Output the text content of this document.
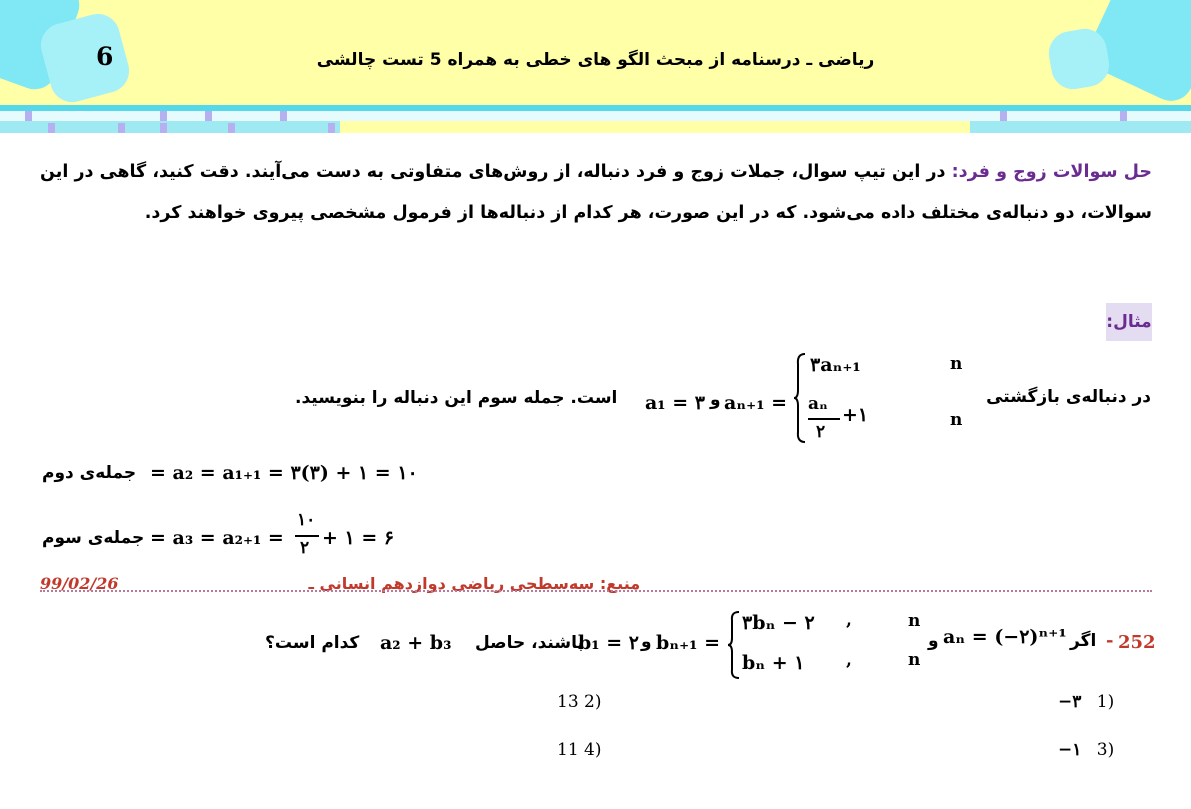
6	ریاضی ـ درسنامه از مبحث الگو های خطی به همراه 5 تست چالشی
حل سوالات زوج و فرد: در این تیپ سوال، جملات زوج و فرد دنباله، از روش‌های متفاوتی به دست می‌آیند. دقت کنید، گاهی در این سوالات، دو دنباله‌ی مختلف داده می‌شود. که در این صورت، هر کدام از دنباله‌ها از فرمول مشخصی پیروی خواهند کرد.
مثال:
در دنباله‌ی بازگشتی
n
n
۳aₙ₊₁
aₙ
۲
+۱
aₙ₊₁ =
و
a₁ = ۳
است. جمله سوم این دنباله را بنویسید.
جمله‌ی دوم = a₂ = a₁₊₁ = ۳(۳) + ۱ = ۱۰
جمله‌ی سوم = a₃ = a₂₊₁ =
۱۰
۲ + ۱ = ۶
99/02/26	منبع: سه‌سطحی ریاضی دوازدهم انسانی ـ
252
-
اگر
aₙ = (−۲)ⁿ⁺¹
و
n
n
,
,
۳bₙ − ۲
bₙ + ۱
bₙ₊₁ =
و
b₁ = ۲
باشند، حاصل
a₂ + b₃
کدام است؟
−۳ 1)
13 2)
−۱ 3)
11 4)
